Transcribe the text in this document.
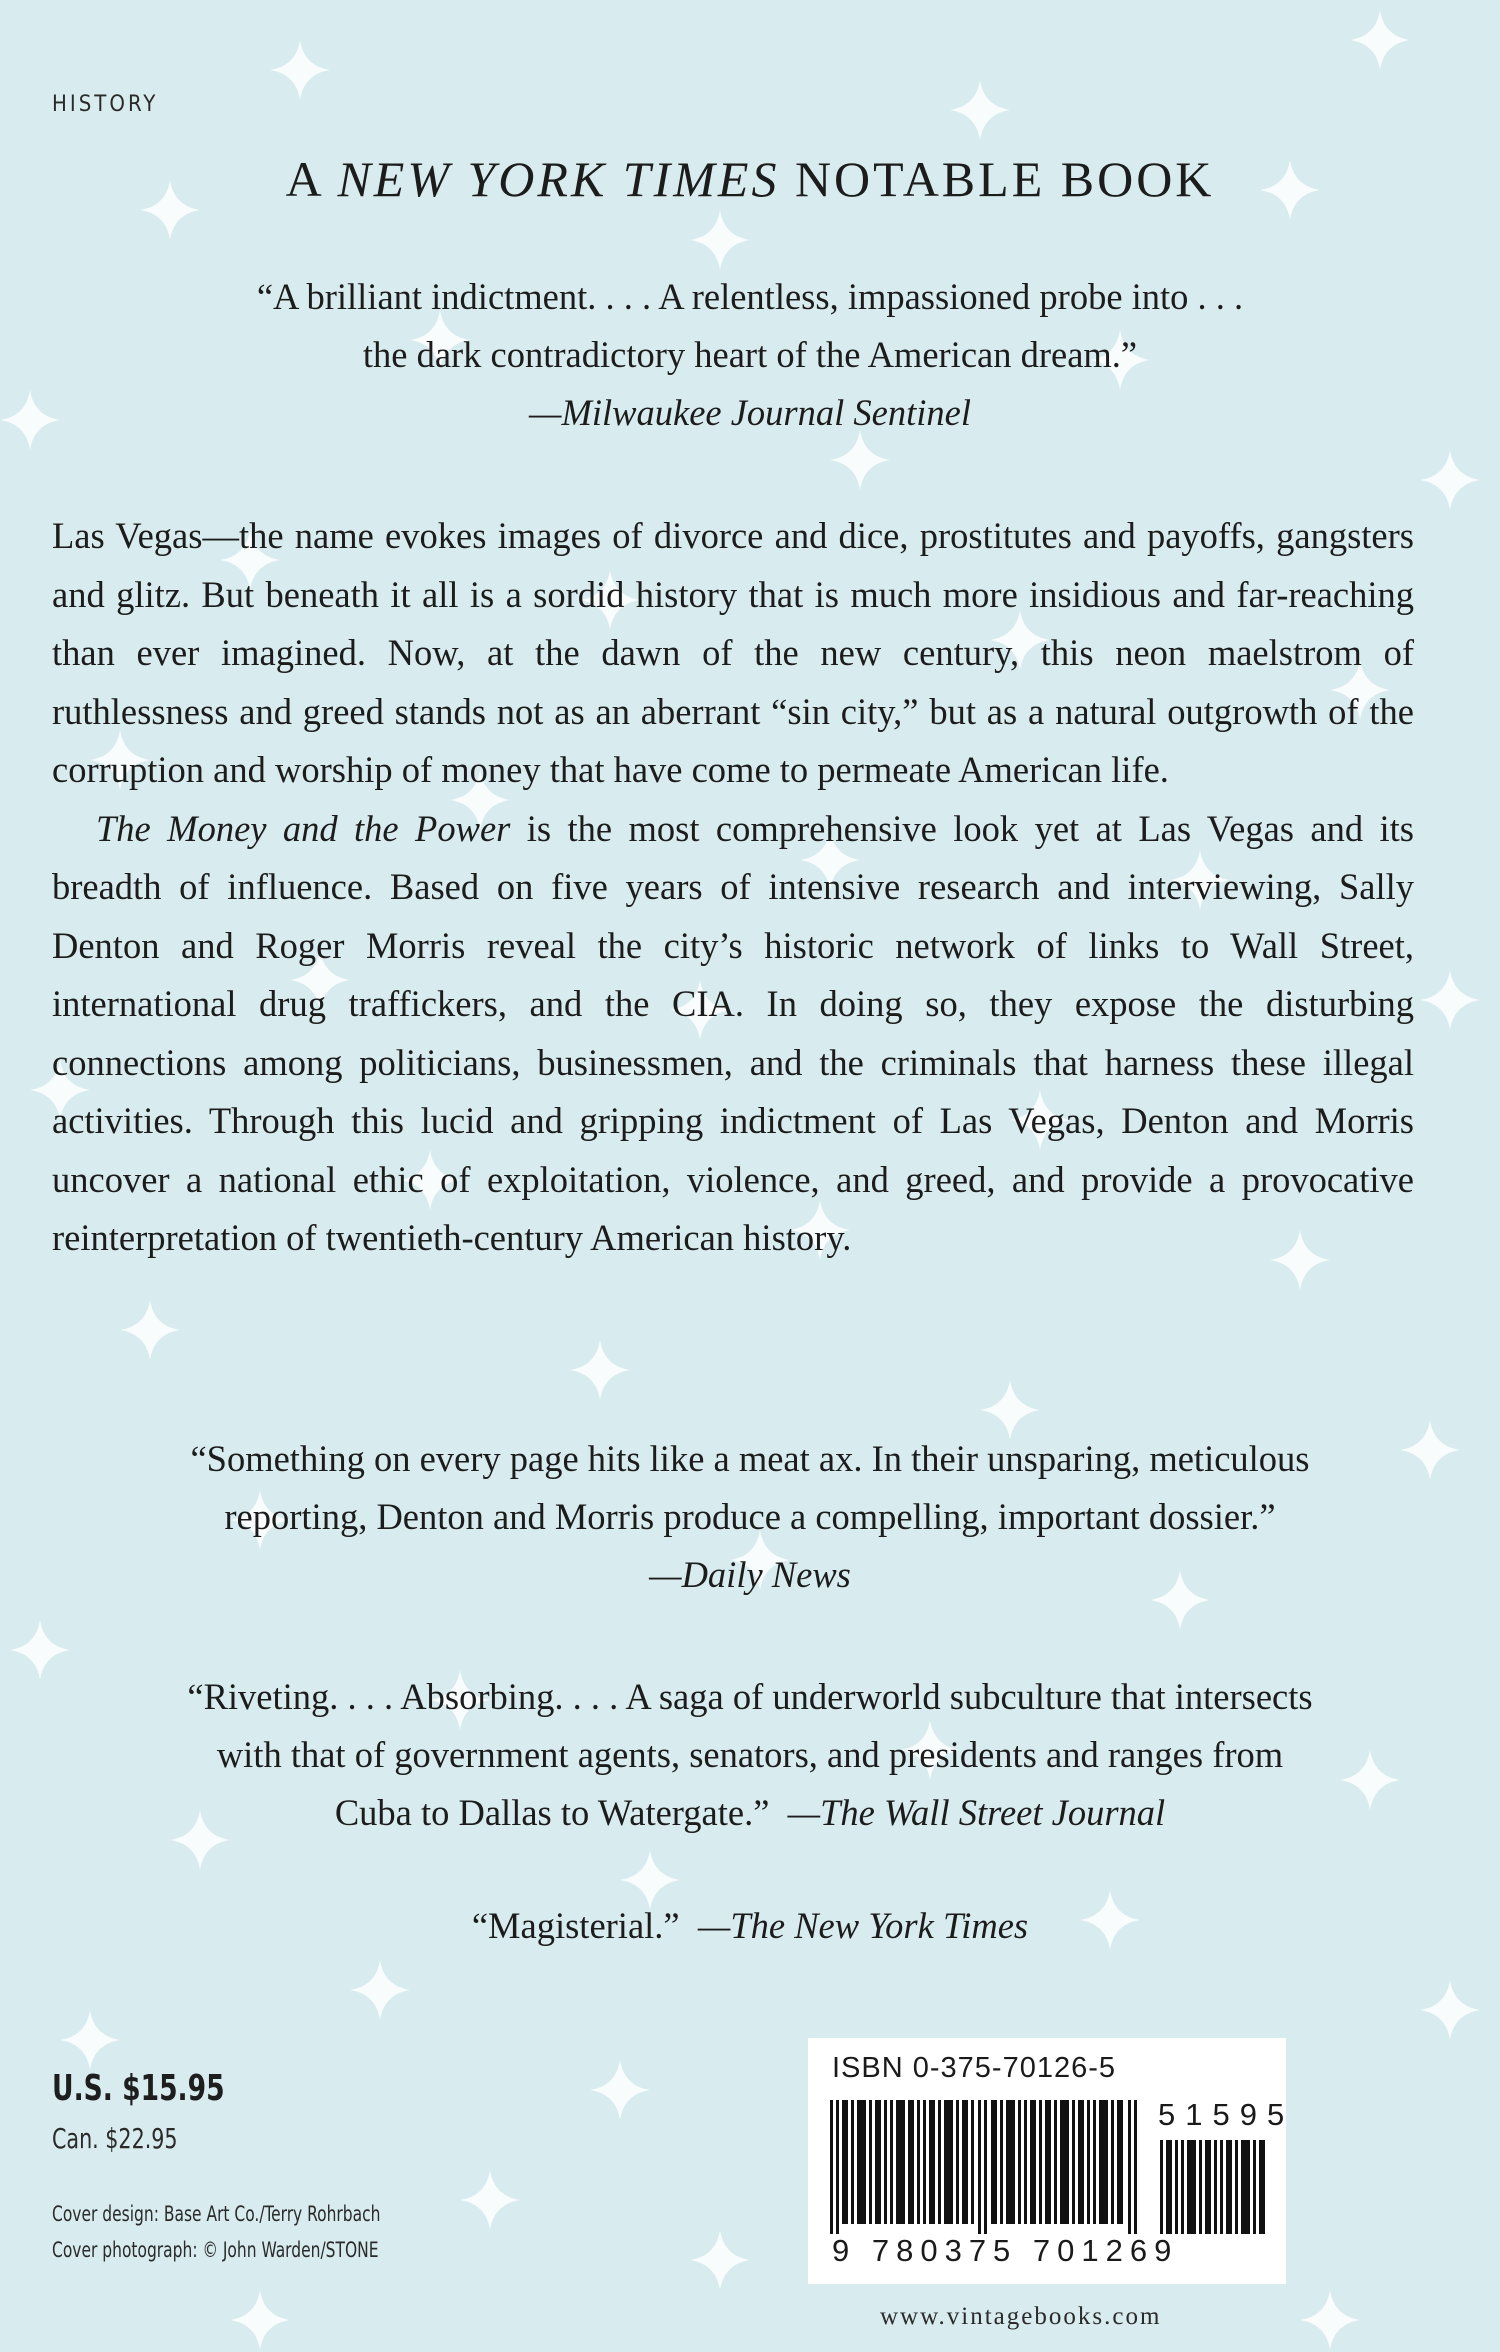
HISTORY
A NEW YORK TIMES NOTABLE BOOK
“A brilliant indictment. . . . A relentless, impassioned probe into . . .
the dark contradictory heart of the American dream.”
—Milwaukee Journal Sentinel

Las Vegas—the name evokes images of divorce and dice, prostitutes and payoffs, gangsters and glitz. But beneath it all is a sordid history that is much more insidious and far-reaching than ever imagined. Now, at the dawn of the new century, this neon maelstrom of ruthlessness and greed stands not as an aberrant “sin city,” but as a natural outgrowth of the corruption and worship of money that have come to permeate American life.

The Money and the Power is the most comprehensive look yet at Las Vegas and its breadth of influence. Based on five years of intensive research and interviewing, Sally Denton and Roger Morris reveal the city’s historic network of links to Wall Street, international drug traffickers, and the CIA. In doing so, they expose the disturbing connections among politicians, businessmen, and the criminals that harness these illegal activities. Through this lucid and gripping indictment of Las Vegas, Denton and Morris uncover a national ethic of exploitation, violence, and greed, and provide a provocative reinterpretation of twentieth-century American history.

“Something on every page hits like a meat ax. In their unsparing, meticulous
reporting, Denton and Morris produce a compelling, important dossier.”
—Daily News
“Riveting. . . . Absorbing. . . . A saga of underworld subculture that intersects
with that of government agents, senators, and presidents and ranges from
Cuba to Dallas to Watergate.” —The Wall Street Journal
“Magisterial.” —The New York Times
U.S. $15.95
Can. $22.95
Cover design: Base Art Co./Terry Rohrbach
Cover photograph: © John Warden/STONE
ISBN 0-375-70126-5
51595
9 780375 701269
www.vintagebooks.com
